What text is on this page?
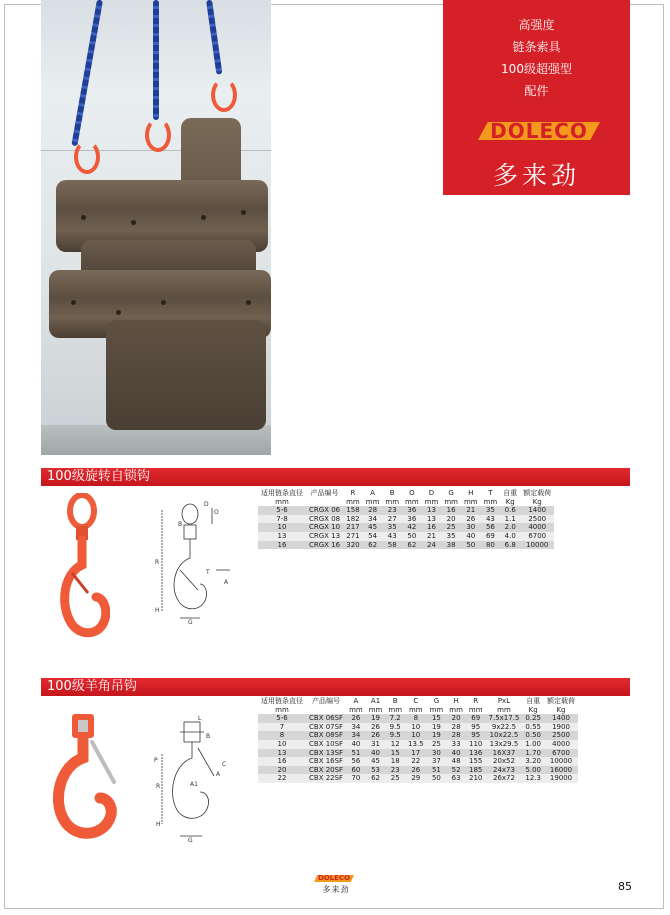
高强度
链条索具
100级超强型
配件
多来劲
DOLECO
100级旋转自锁钩
D
O
B
R
T
H
A
G
适用链条直径	产品编号	R	A	B	O	D	G	H	T	自重	额定载荷
mm		mm	mm	mm	mm	mm	mm	mm	mm	Kg	Kg
5-6	CRGX 06	158	28	23	36	13	16	21	35	0.6	1400
7-8	CRGX 08	182	34	27	36	13	20	26	43	1.1	2500
10	CRGX 10	217	45	35	42	16	25	30	56	2.0	4000
13	CRGX 13	271	54	43	50	21	35	40	69	4.0	6700
16	CRGX 16	320	62	58	62	24	38	50	80	6.8	10000
100级羊角吊钩
L
B
P
C
A
R	A1
H
G
适用链条直径	产品编号	A	A1	B	C	G	H	R	PxL	自重	额定载荷
mm		mm	mm	mm	mm	mm	mm	mm	mm	Kg	Kg
5-6	CBX 06SF	26	19	7.2	8	15	20	69	7.5x17.5	0.25	1400
7	CBX 07SF	34	26	9.5	10	19	28	95	9x22.5	0.55	1900
8	CBX 08SF	34	26	9.5	10	19	28	95	10x22.5	0.50	2500
10	CBX 10SF	40	31	12	13.5	25	33	110	13x29.5	1.00	4000
13	CBX 13SF	51	40	15	17	30	40	136	16X37	1.70	6700
16	CBX 16SF	56	45	18	22	37	48	155	20x52	3.20	10000
20	CBX 20SF	60	53	23	26	51	52	185	24x73	5.00	16000
22	CBX 22SF	70	62	25	29	50	63	210	26x72	12.3	19000
DOLECO
多来劲	85
